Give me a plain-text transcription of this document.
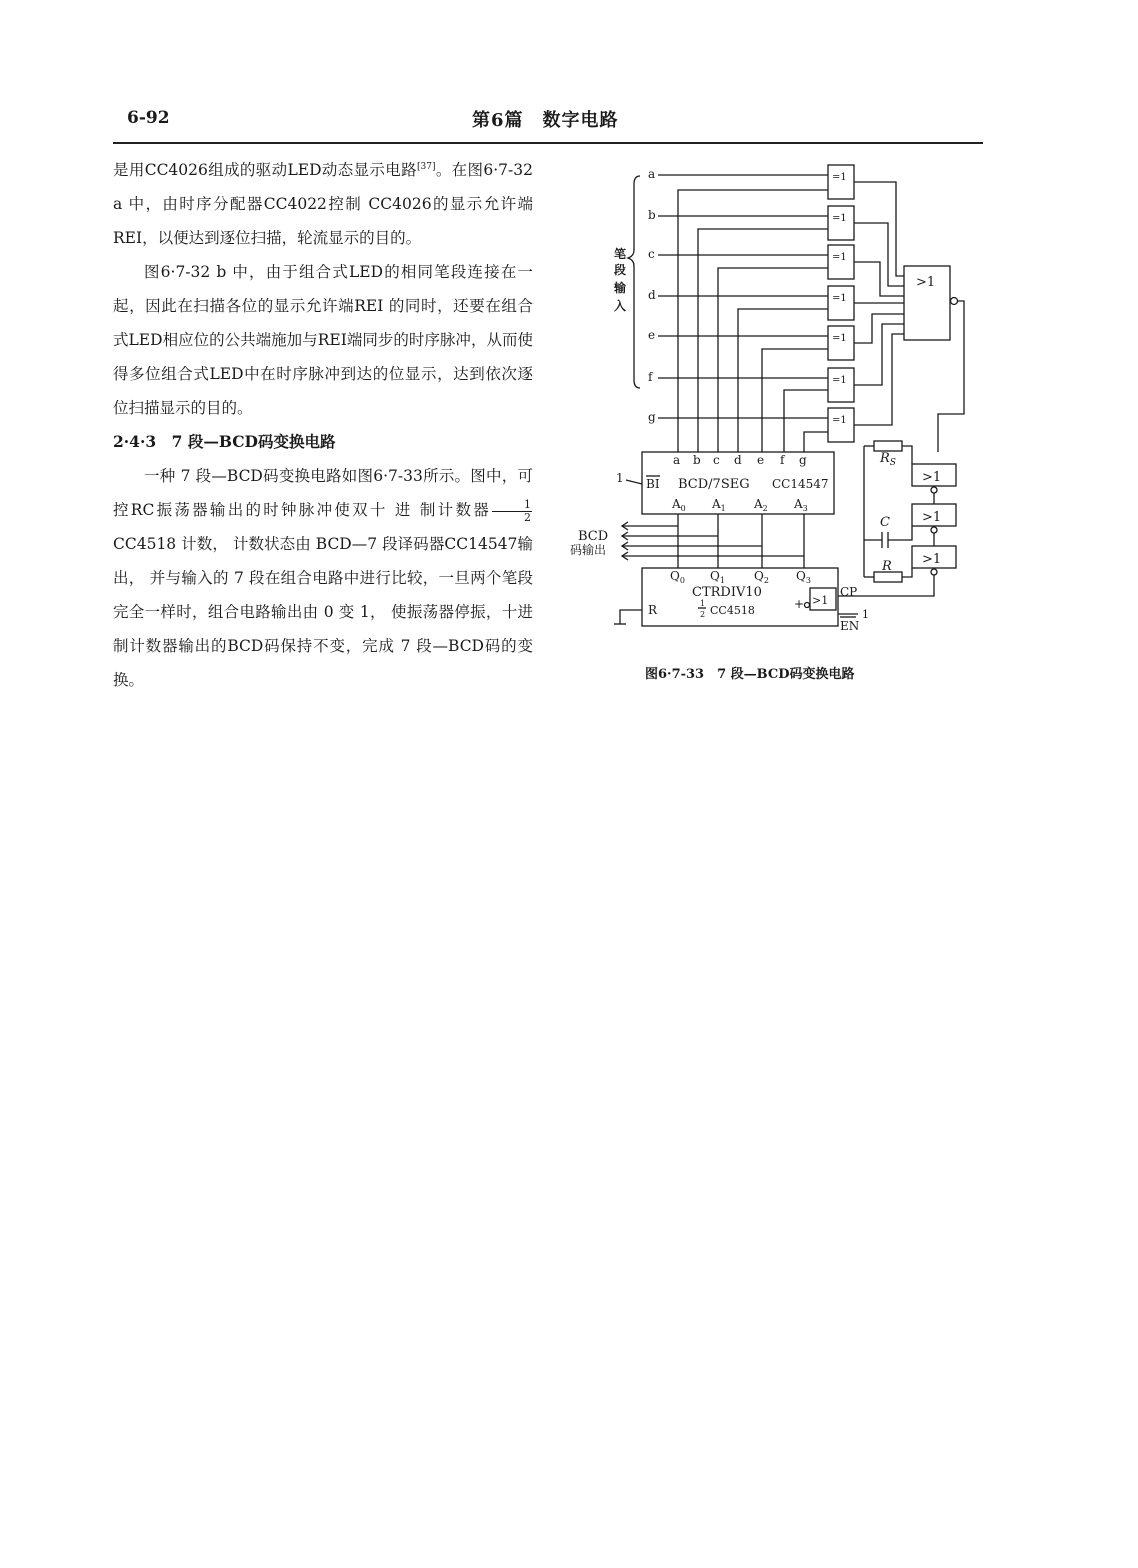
6-92	第6篇　数字电路

是用CC4026组成的驱动LED动态显示电路[37]。在图6·7-32 a 中，由时序分配器CC4022控制 CC4026的显示允许端REI，以便达到逐位扫描，轮流显示的目的。

图6·7-32 b 中，由于组合式LED的相同笔段连接在一起，因此在扫描各位的显示允许端REI 的同时，还要在组合式LED相应位的公共端施加与REI端同步的时序脉冲，从而使得多位组合式LED中在时序脉冲到达的位显示，达到依次逐位扫描显示的目的。

2·4·3　7 段—BCD码变换电路

一种 7 段—BCD码变换电路如图6·7-33所示。图中，可控RC振荡器输出的时钟脉冲使双十 进 制计数器 $\frac{1}{2}$
CC4518 计数， 计数状态由 BCD—7 段译码器CC14547输出， 并与输入的 7 段在组合电路中进行比较，一旦两个笔段完全一样时，组合电路输出由 0 变 1， 使振荡器停振，十进制计数器输出的BCD码保持不变，完成 7 段—BCD码的变换。

笔
段
输
入
a
b
c
d
e
f
g
=1
=1
=1
=1
=1
=1
=1
>1
a b c d e f g
1 BI BCD/7SEG CC14547
$A_0$ $A_1$ $A_2$ $A_3$
BCD
码输出
$Q_0$ $Q_1$ $Q_2$ $Q_3$
CTRDIV10
1
2 CC4518
R
>1
+
CP
EN
1
>1
>1
>1
$R_S$
C
R
图6·7-33　7 段—BCD码变换电路
